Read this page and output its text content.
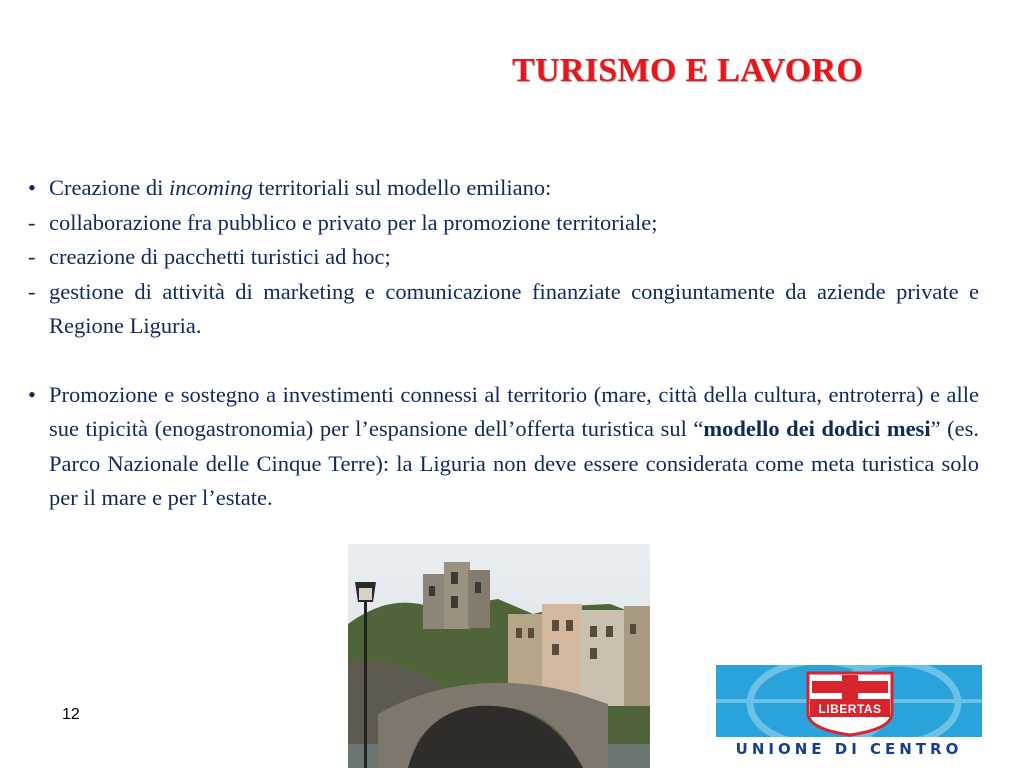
TURISMO E LAVORO
• Creazione di incoming territoriali sul modello emiliano:
- collaborazione fra pubblico e privato per la promozione territoriale;
- creazione di pacchetti turistici ad hoc;
- gestione di attività di marketing e comunicazione finanziate congiuntamente da aziende private e Regione Liguria.
• Promozione e sostegno a investimenti connessi al territorio (mare, città della cultura, entroterra) e alle sue tipicità (enogastronomia) per l’espansione dell’offerta turistica sul “modello dei dodici mesi” (es. Parco Nazionale delle Cinque Terre): la Liguria non deve essere considerata come meta turistica solo per il mare e per l’estate.
12	LIBERTAS
UNIONE DI CENTRO
